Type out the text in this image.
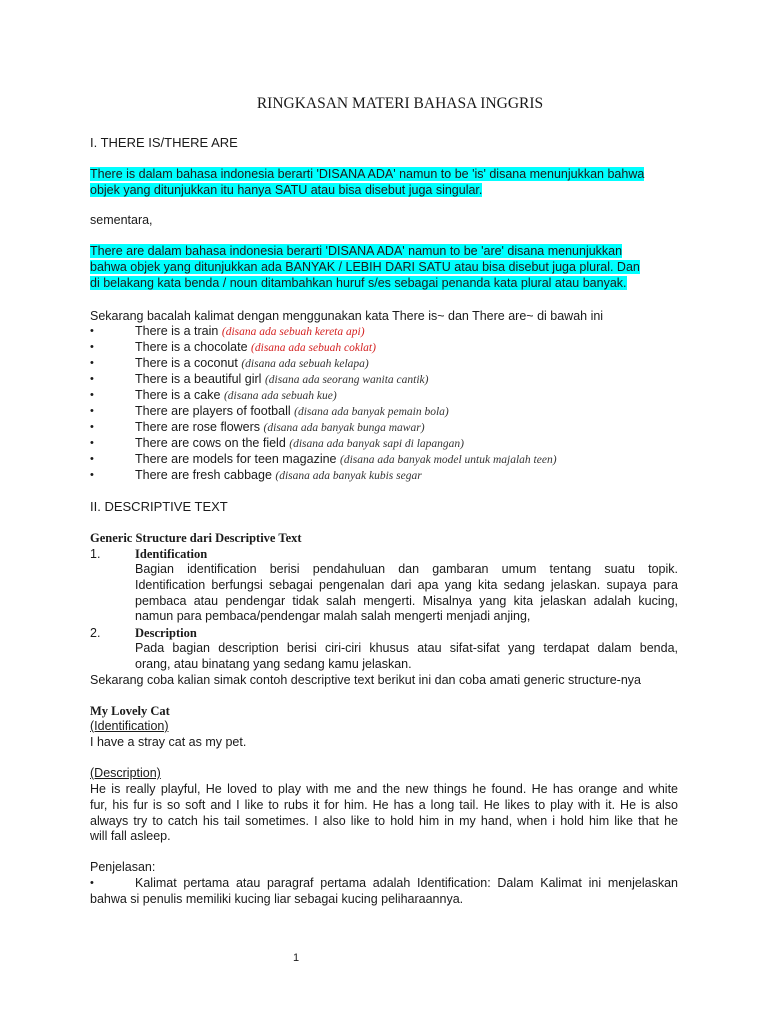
RINGKASAN MATERI BAHASA INGGRIS
I. THERE IS/THERE ARE
There is dalam bahasa indonesia berarti 'DISANA ADA' namun to be 'is' disana menunjukkan bahwa
objek yang ditunjukkan itu hanya SATU atau bisa disebut juga singular.
sementara,
There are dalam bahasa indonesia berarti 'DISANA ADA' namun to be 'are' disana menunjukkan
bahwa objek yang ditunjukkan ada BANYAK / LEBIH DARI SATU atau bisa disebut juga plural. Dan
di belakang kata benda / noun ditambahkan huruf s/es sebagai penanda kata plural atau banyak.
Sekarang bacalah kalimat dengan menggunakan kata There is~ dan There are~ di bawah ini
•	There is a train (disana ada sebuah kereta api)
•	There is a chocolate (disana ada sebuah coklat)
•	There is a coconut (disana ada sebuah kelapa)
•	There is a beautiful girl (disana ada seorang wanita cantik)
•	There is a cake (disana ada sebuah kue)
•	There are players of football (disana ada banyak pemain bola)
•	There are rose flowers (disana ada banyak bunga mawar)
•	There are cows on the field (disana ada banyak sapi di lapangan)
•	There are models for teen magazine (disana ada banyak model untuk majalah teen)
•	There are fresh cabbage (disana ada banyak kubis segar
II. DESCRIPTIVE TEXT
Generic Structure dari Descriptive Text
1.	Identification
Bagian identification berisi pendahuluan dan gambaran umum tentang suatu topik.
Identification berfungsi sebagai pengenalan dari apa yang kita sedang jelaskan. supaya para
pembaca atau pendengar tidak salah mengerti. Misalnya yang kita jelaskan adalah kucing,
namun para pembaca/pendengar malah salah mengerti menjadi anjing,
2.	Description
Pada bagian description berisi ciri-ciri khusus atau sifat-sifat yang terdapat dalam benda,
orang, atau binatang yang sedang kamu jelaskan.
Sekarang coba kalian simak contoh descriptive text berikut ini dan coba amati generic structure-nya
My Lovely Cat
(Identification)
I have a stray cat as my pet.
(Description)
He is really playful, He loved to play with me and the new things he found. He has orange and white
fur, his fur is so soft and I like to rubs it for him. He has a long tail. He likes to play with it. He is also
always try to catch his tail sometimes. I also like to hold him in my hand, when i hold him like that he
will fall asleep.
Penjelasan:
•	Kalimat pertama atau paragraf pertama adalah Identification: Dalam Kalimat ini menjelaskan
bahwa si penulis memiliki kucing liar sebagai kucing peliharaannya.
1
